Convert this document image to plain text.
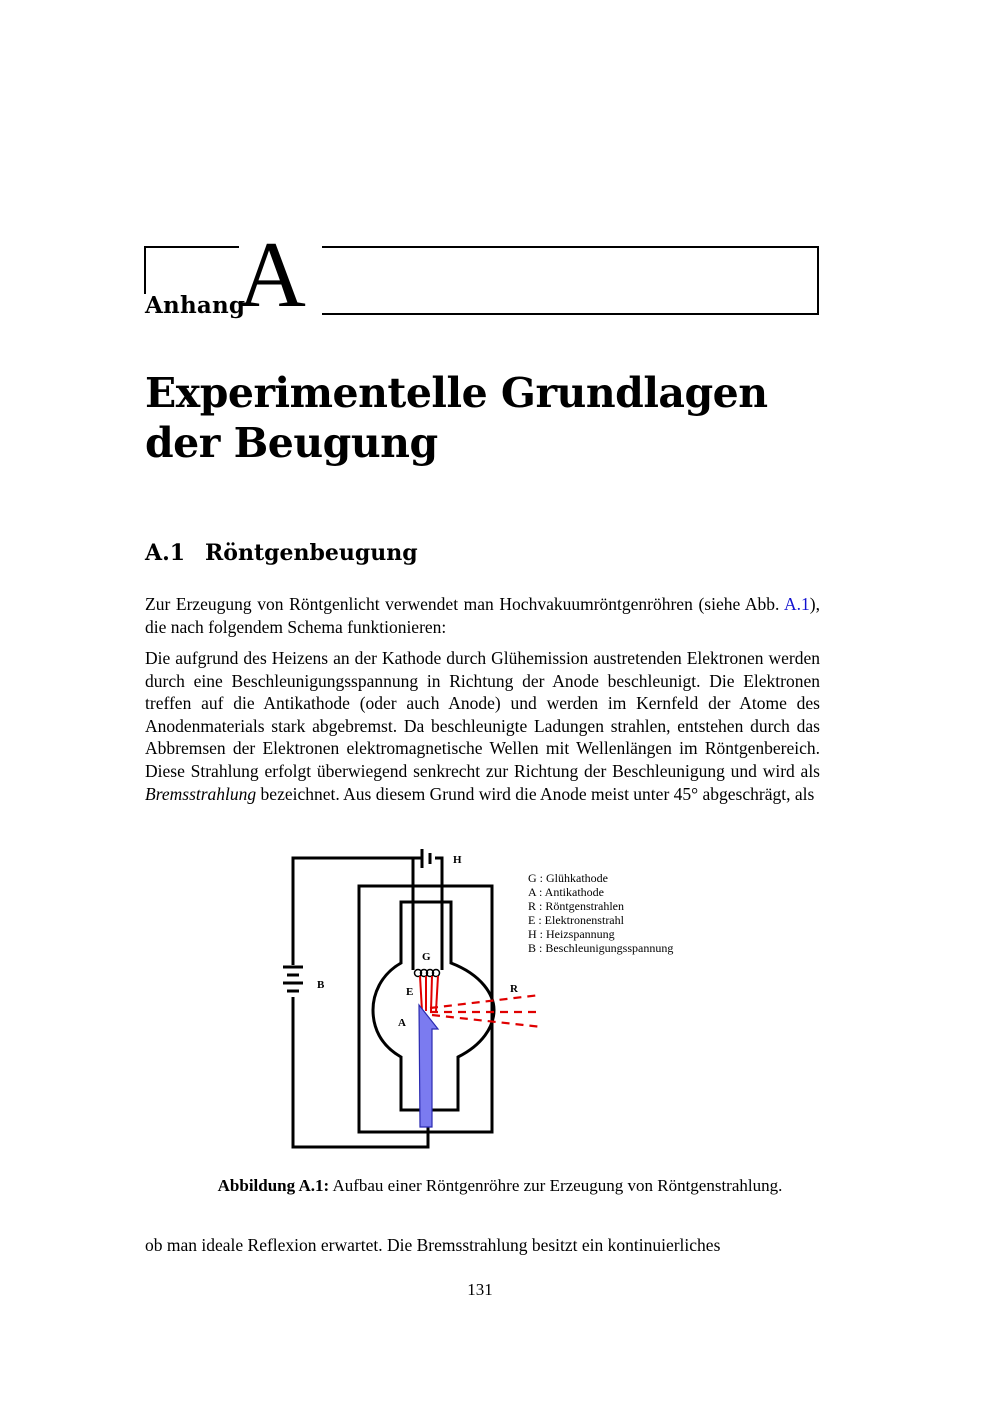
Anhang
A
Experimentelle Grundlagen der Beugung
A.1 Röntgenbeugung
Zur Erzeugung von Röntgenlicht verwendet man Hochvakuumröntgenröhren (siehe Abb. A.1), die nach folgendem Schema funktionieren:
Die aufgrund des Heizens an der Kathode durch Glühemission austretenden Elektronen werden durch eine Beschleunigungsspannung in Richtung der Anode beschleunigt. Die Elektronen treffen auf die Antikathode (oder auch Anode) und werden im Kernfeld der Atome des Anodenmaterials stark abgebremst. Da beschleunigte Ladungen strahlen, entstehen durch das Abbremsen der Elektronen elektromagnetische Wellen mit Wellenlängen im Röntgenbereich. Diese Strahlung erfolgt überwiegend senkrecht zur Richtung der Beschleunigung und wird als Bremsstrahlung bezeichnet. Aus diesem Grund wird die Anode meist unter 45° abgeschrägt, als
H
G
B
E	R
A
G : Glühkathode
A : Antikathode
R : Röntgenstrahlen
E : Elektronenstrahl
H : Heizspannung
B : Beschleunigungsspannung
Abbildung A.1: Aufbau einer Röntgenröhre zur Erzeugung von Röntgenstrahlung.
ob man ideale Reflexion erwartet. Die Bremsstrahlung besitzt ein kontinuierliches
131
